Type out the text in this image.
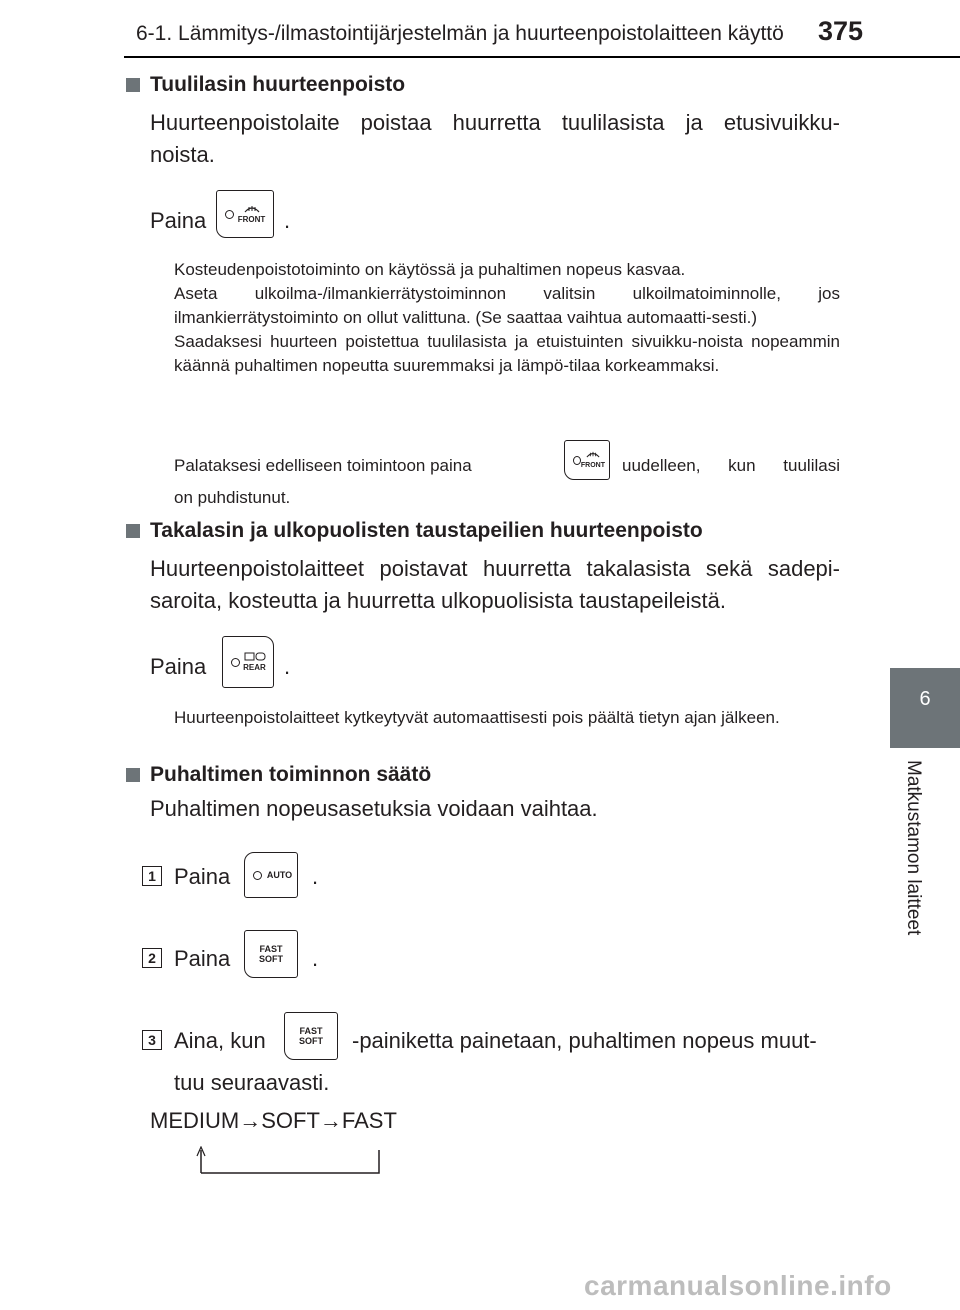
6-1. Lämmitys-/ilmastointijärjestelmän ja huurteenpoistolaitteen käyttö 375
6
Matkustamon laitteet
Tuulilasin huurteenpoisto
Huurteenpoistolaite poistaa huurretta tuulilasista ja etusivuikku-
noista.
Paina	FRONT .
Kosteudenpoistotoiminto on käytössä ja puhaltimen nopeus kasvaa.
Aseta ulkoilma-/ilmankierrätystoiminnon valitsin ulkoilmatoiminnolle, jos ilmankierrätystoiminto on ollut valittuna. (Se saattaa vaihtua automaatti-sesti.)
Saadaksesi huurteen poistettua tuulilasista ja etuistuinten sivuikku-noista nopeammin käännä puhaltimen nopeutta suuremmaksi ja lämpö-tilaa korkeammaksi.
Palataksesi edelliseen toimintoon paina	FRONT uudelleen, kun tuulilasi
on puhdistunut.
Takalasin ja ulkopuolisten taustapeilien huurteenpoisto
Huurteenpoistolaitteet poistavat huurretta takalasista sekä sadepi-
saroita, kosteutta ja huurretta ulkopuolisista taustapeileistä.
Paina	REAR .
Huurteenpoistolaitteet kytkeytyvät automaattisesti pois päältä tietyn ajan jälkeen.
Puhaltimen toiminnon säätö
Puhaltimen nopeusasetuksia voidaan vaihtaa.
1 Paina	AUTO .
2 Paina	FAST
SOFT	.
3 Aina, kun	FAST
SOFT	-painiketta painetaan, puhaltimen nopeus muut-
tuu seuraavasti.
MEDIUM→SOFT→FAST
carmanualsonline.info
